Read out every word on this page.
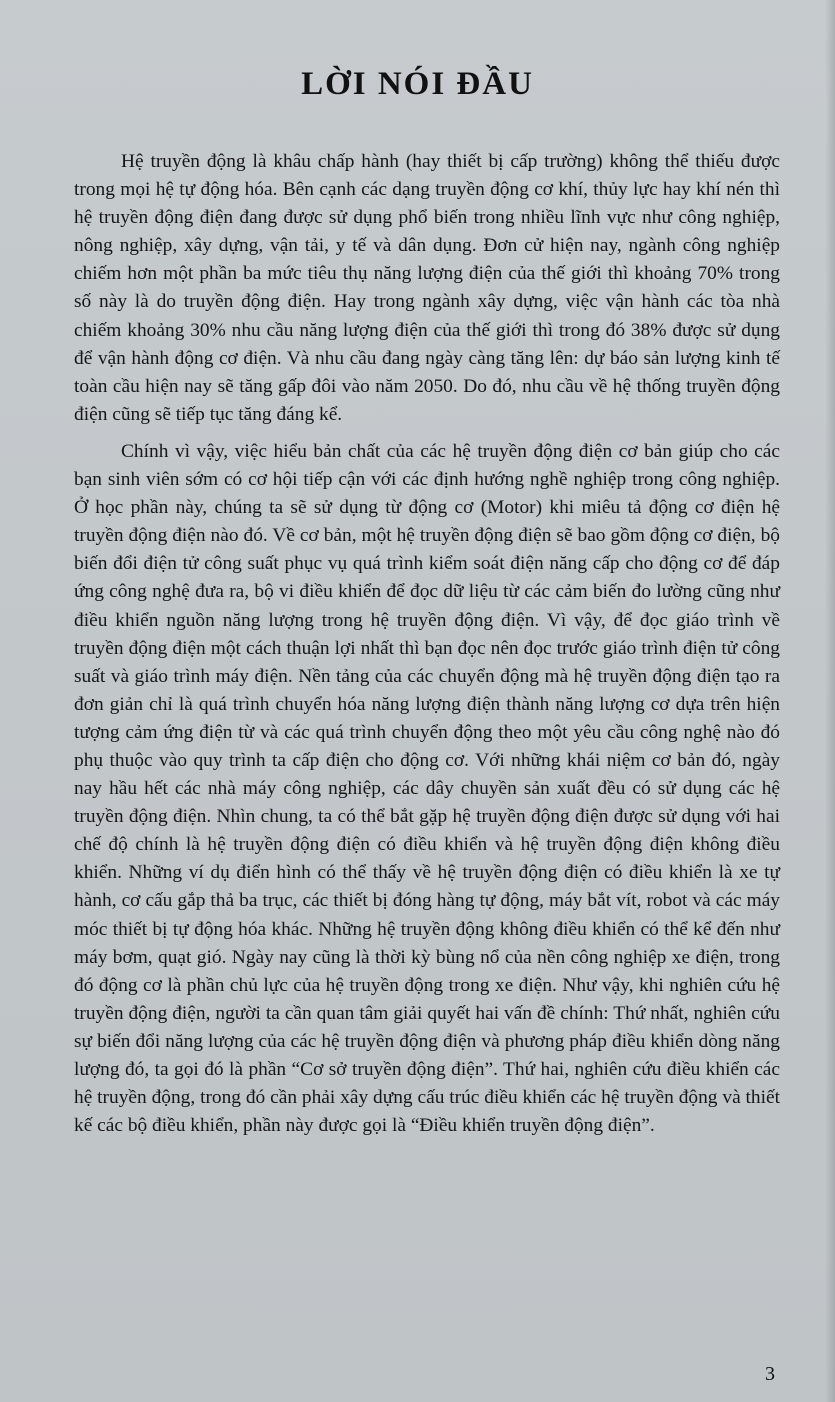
LỜI NÓI ĐẦU

Hệ truyền động là khâu chấp hành (hay thiết bị cấp trường) không thể thiếu được trong mọi hệ tự động hóa. Bên cạnh các dạng truyền động cơ khí, thủy lực hay khí nén thì hệ truyền động điện đang được sử dụng phổ biến trong nhiều lĩnh vực như công nghiệp, nông nghiệp, xây dựng, vận tải, y tế và dân dụng. Đơn cử hiện nay, ngành công nghiệp chiếm hơn một phần ba mức tiêu thụ năng lượng điện của thế giới thì khoảng 70% trong số này là do truyền động điện. Hay trong ngành xây dựng, việc vận hành các tòa nhà chiếm khoảng 30% nhu cầu năng lượng điện của thế giới thì trong đó 38% được sử dụng để vận hành động cơ điện. Và nhu cầu đang ngày càng tăng lên: dự báo sản lượng kinh tế toàn cầu hiện nay sẽ tăng gấp đôi vào năm 2050. Do đó, nhu cầu về hệ thống truyền động điện cũng sẽ tiếp tục tăng đáng kể.

Chính vì vậy, việc hiểu bản chất của các hệ truyền động điện cơ bản giúp cho các bạn sinh viên sớm có cơ hội tiếp cận với các định hướng nghề nghiệp trong công nghiệp. Ở học phần này, chúng ta sẽ sử dụng từ động cơ (Motor) khi miêu tả động cơ điện hệ truyền động điện nào đó. Về cơ bản, một hệ truyền động điện sẽ bao gồm động cơ điện, bộ biến đổi điện tử công suất phục vụ quá trình kiểm soát điện năng cấp cho động cơ để đáp ứng công nghệ đưa ra, bộ vi điều khiển để đọc dữ liệu từ các cảm biến đo lường cũng như điều khiển nguồn năng lượng trong hệ truyền động điện. Vì vậy, để đọc giáo trình về truyền động điện một cách thuận lợi nhất thì bạn đọc nên đọc trước giáo trình điện tử công suất và giáo trình máy điện. Nền tảng của các chuyển động mà hệ truyền động điện tạo ra đơn giản chỉ là quá trình chuyển hóa năng lượng điện thành năng lượng cơ dựa trên hiện tượng cảm ứng điện từ và các quá trình chuyển động theo một yêu cầu công nghệ nào đó phụ thuộc vào quy trình ta cấp điện cho động cơ. Với những khái niệm cơ bản đó, ngày nay hầu hết các nhà máy công nghiệp, các dây chuyền sản xuất đều có sử dụng các hệ truyền động điện. Nhìn chung, ta có thể bắt gặp hệ truyền động điện được sử dụng với hai chế độ chính là hệ truyền động điện có điều khiển và hệ truyền động điện không điều khiển. Những ví dụ điển hình có thể thấy về hệ truyền động điện có điều khiển là xe tự hành, cơ cấu gắp thả ba trục, các thiết bị đóng hàng tự động, máy bắt vít, robot và các máy móc thiết bị tự động hóa khác. Những hệ truyền động không điều khiển có thể kể đến như máy bơm, quạt gió. Ngày nay cũng là thời kỳ bùng nổ của nền công nghiệp xe điện, trong đó động cơ là phần chủ lực của hệ truyền động trong xe điện. Như vậy, khi nghiên cứu hệ truyền động điện, người ta cần quan tâm giải quyết hai vấn đề chính: Thứ nhất, nghiên cứu sự biến đổi năng lượng của các hệ truyền động điện và phương pháp điều khiển dòng năng lượng đó, ta gọi đó là phần “Cơ sở truyền động điện”. Thứ hai, nghiên cứu điều khiển các hệ truyền động, trong đó cần phải xây dựng cấu trúc điều khiển các hệ truyền động và thiết kế các bộ điều khiển, phần này được gọi là “Điều khiển truyền động điện”.

3
